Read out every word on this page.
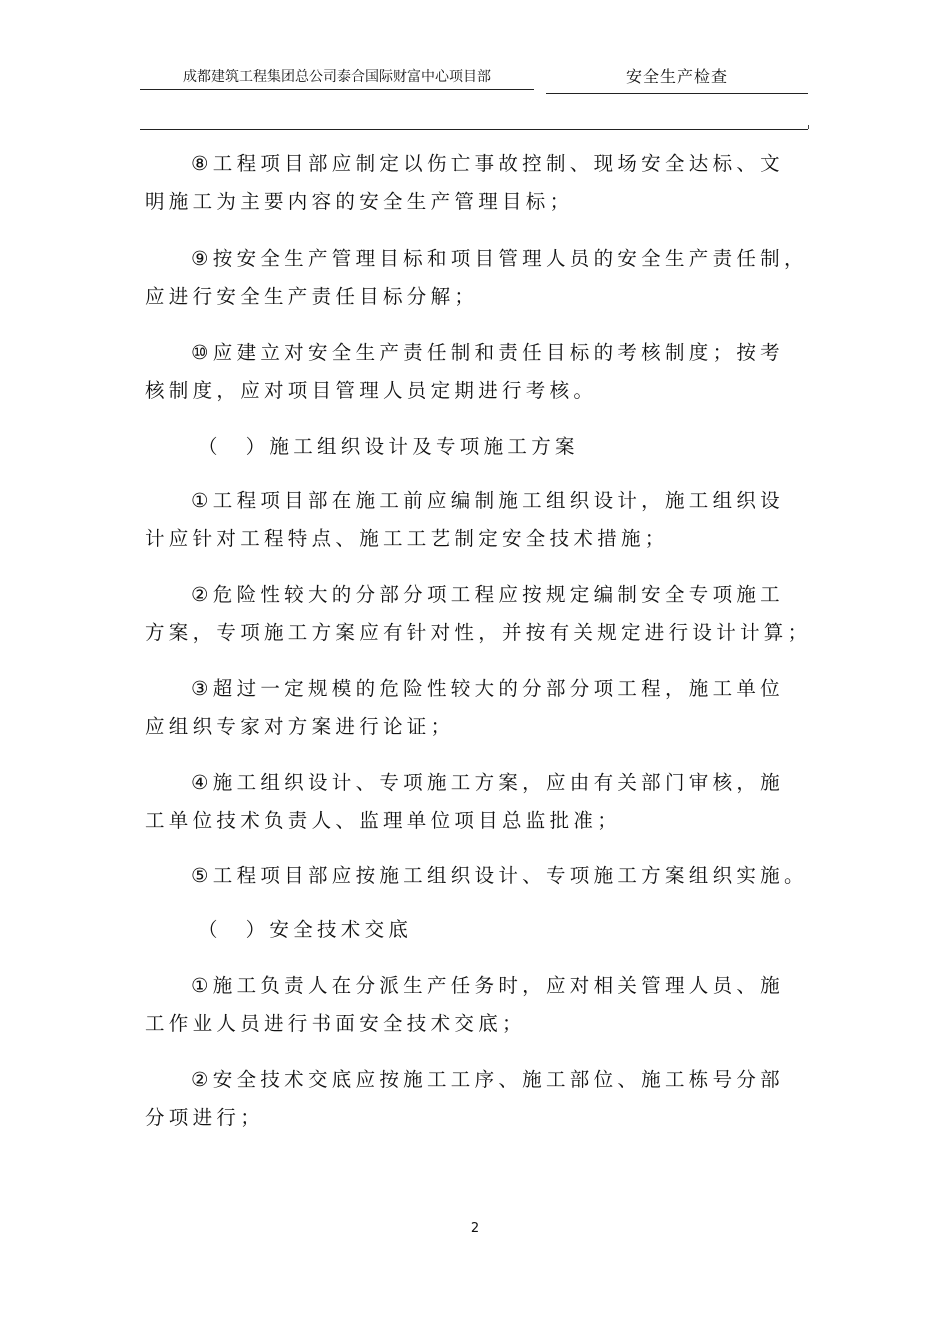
成都建筑工程集团总公司泰合国际财富中心项目部	安全生产检查
⑧工程项目部应制定以伤亡事故控制、现场安全达标、文
明施工为主要内容的安全生产管理目标；
⑨按安全生产管理目标和项目管理人员的安全生产责任制，
应进行安全生产责任目标分解；
⑩应建立对安全生产责任制和责任目标的考核制度；按考
核制度，应对项目管理人员定期进行考核。
（　）施工组织设计及专项施工方案
①工程项目部在施工前应编制施工组织设计，施工组织设
计应针对工程特点、施工工艺制定安全技术措施；
②危险性较大的分部分项工程应按规定编制安全专项施工
方案，专项施工方案应有针对性，并按有关规定进行设计计算；
③超过一定规模的危险性较大的分部分项工程，施工单位
应组织专家对方案进行论证；
④施工组织设计、专项施工方案，应由有关部门审核，施
工单位技术负责人、监理单位项目总监批准；
⑤工程项目部应按施工组织设计、专项施工方案组织实施。
（　）安全技术交底
①施工负责人在分派生产任务时，应对相关管理人员、施
工作业人员进行书面安全技术交底；
②安全技术交底应按施工工序、施工部位、施工栋号分部
分项进行；
2
